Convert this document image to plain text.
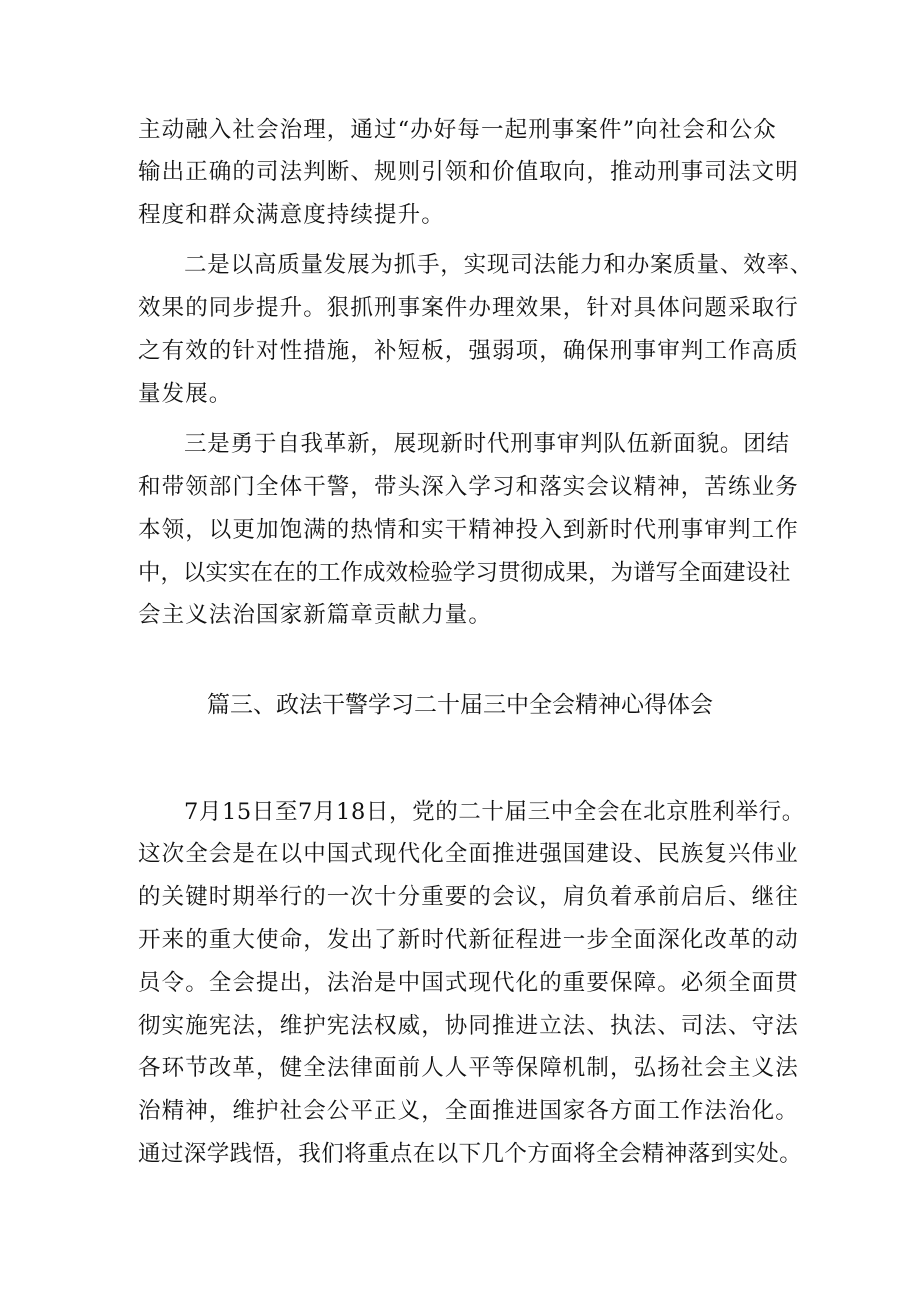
主动融入社会治理，通过“办好每一起刑事案件”向社会和公众
输出正确的司法判断、规则引领和价值取向，推动刑事司法文明
程度和群众满意度持续提升。
二是以高质量发展为抓手，实现司法能力和办案质量、效率、
效果的同步提升。狠抓刑事案件办理效果，针对具体问题采取行
之有效的针对性措施，补短板，强弱项，确保刑事审判工作高质
量发展。
三是勇于自我革新，展现新时代刑事审判队伍新面貌。团结
和带领部门全体干警，带头深入学习和落实会议精神，苦练业务
本领，以更加饱满的热情和实干精神投入到新时代刑事审判工作
中，以实实在在的工作成效检验学习贯彻成果，为谱写全面建设社
会主义法治国家新篇章贡献力量。
篇三、政法干警学习二十届三中全会精神心得体会
7月15日至7月18日，党的二十届三中全会在北京胜利举行。
这次全会是在以中国式现代化全面推进强国建设、民族复兴伟业
的关键时期举行的一次十分重要的会议，肩负着承前启后、继往
开来的重大使命，发出了新时代新征程进一步全面深化改革的动
员令。全会提出，法治是中国式现代化的重要保障。必须全面贯
彻实施宪法，维护宪法权威，协同推进立法、执法、司法、守法
各环节改革，健全法律面前人人平等保障机制，弘扬社会主义法
治精神，维护社会公平正义，全面推进国家各方面工作法治化。
通过深学践悟，我们将重点在以下几个方面将全会精神落到实处。
